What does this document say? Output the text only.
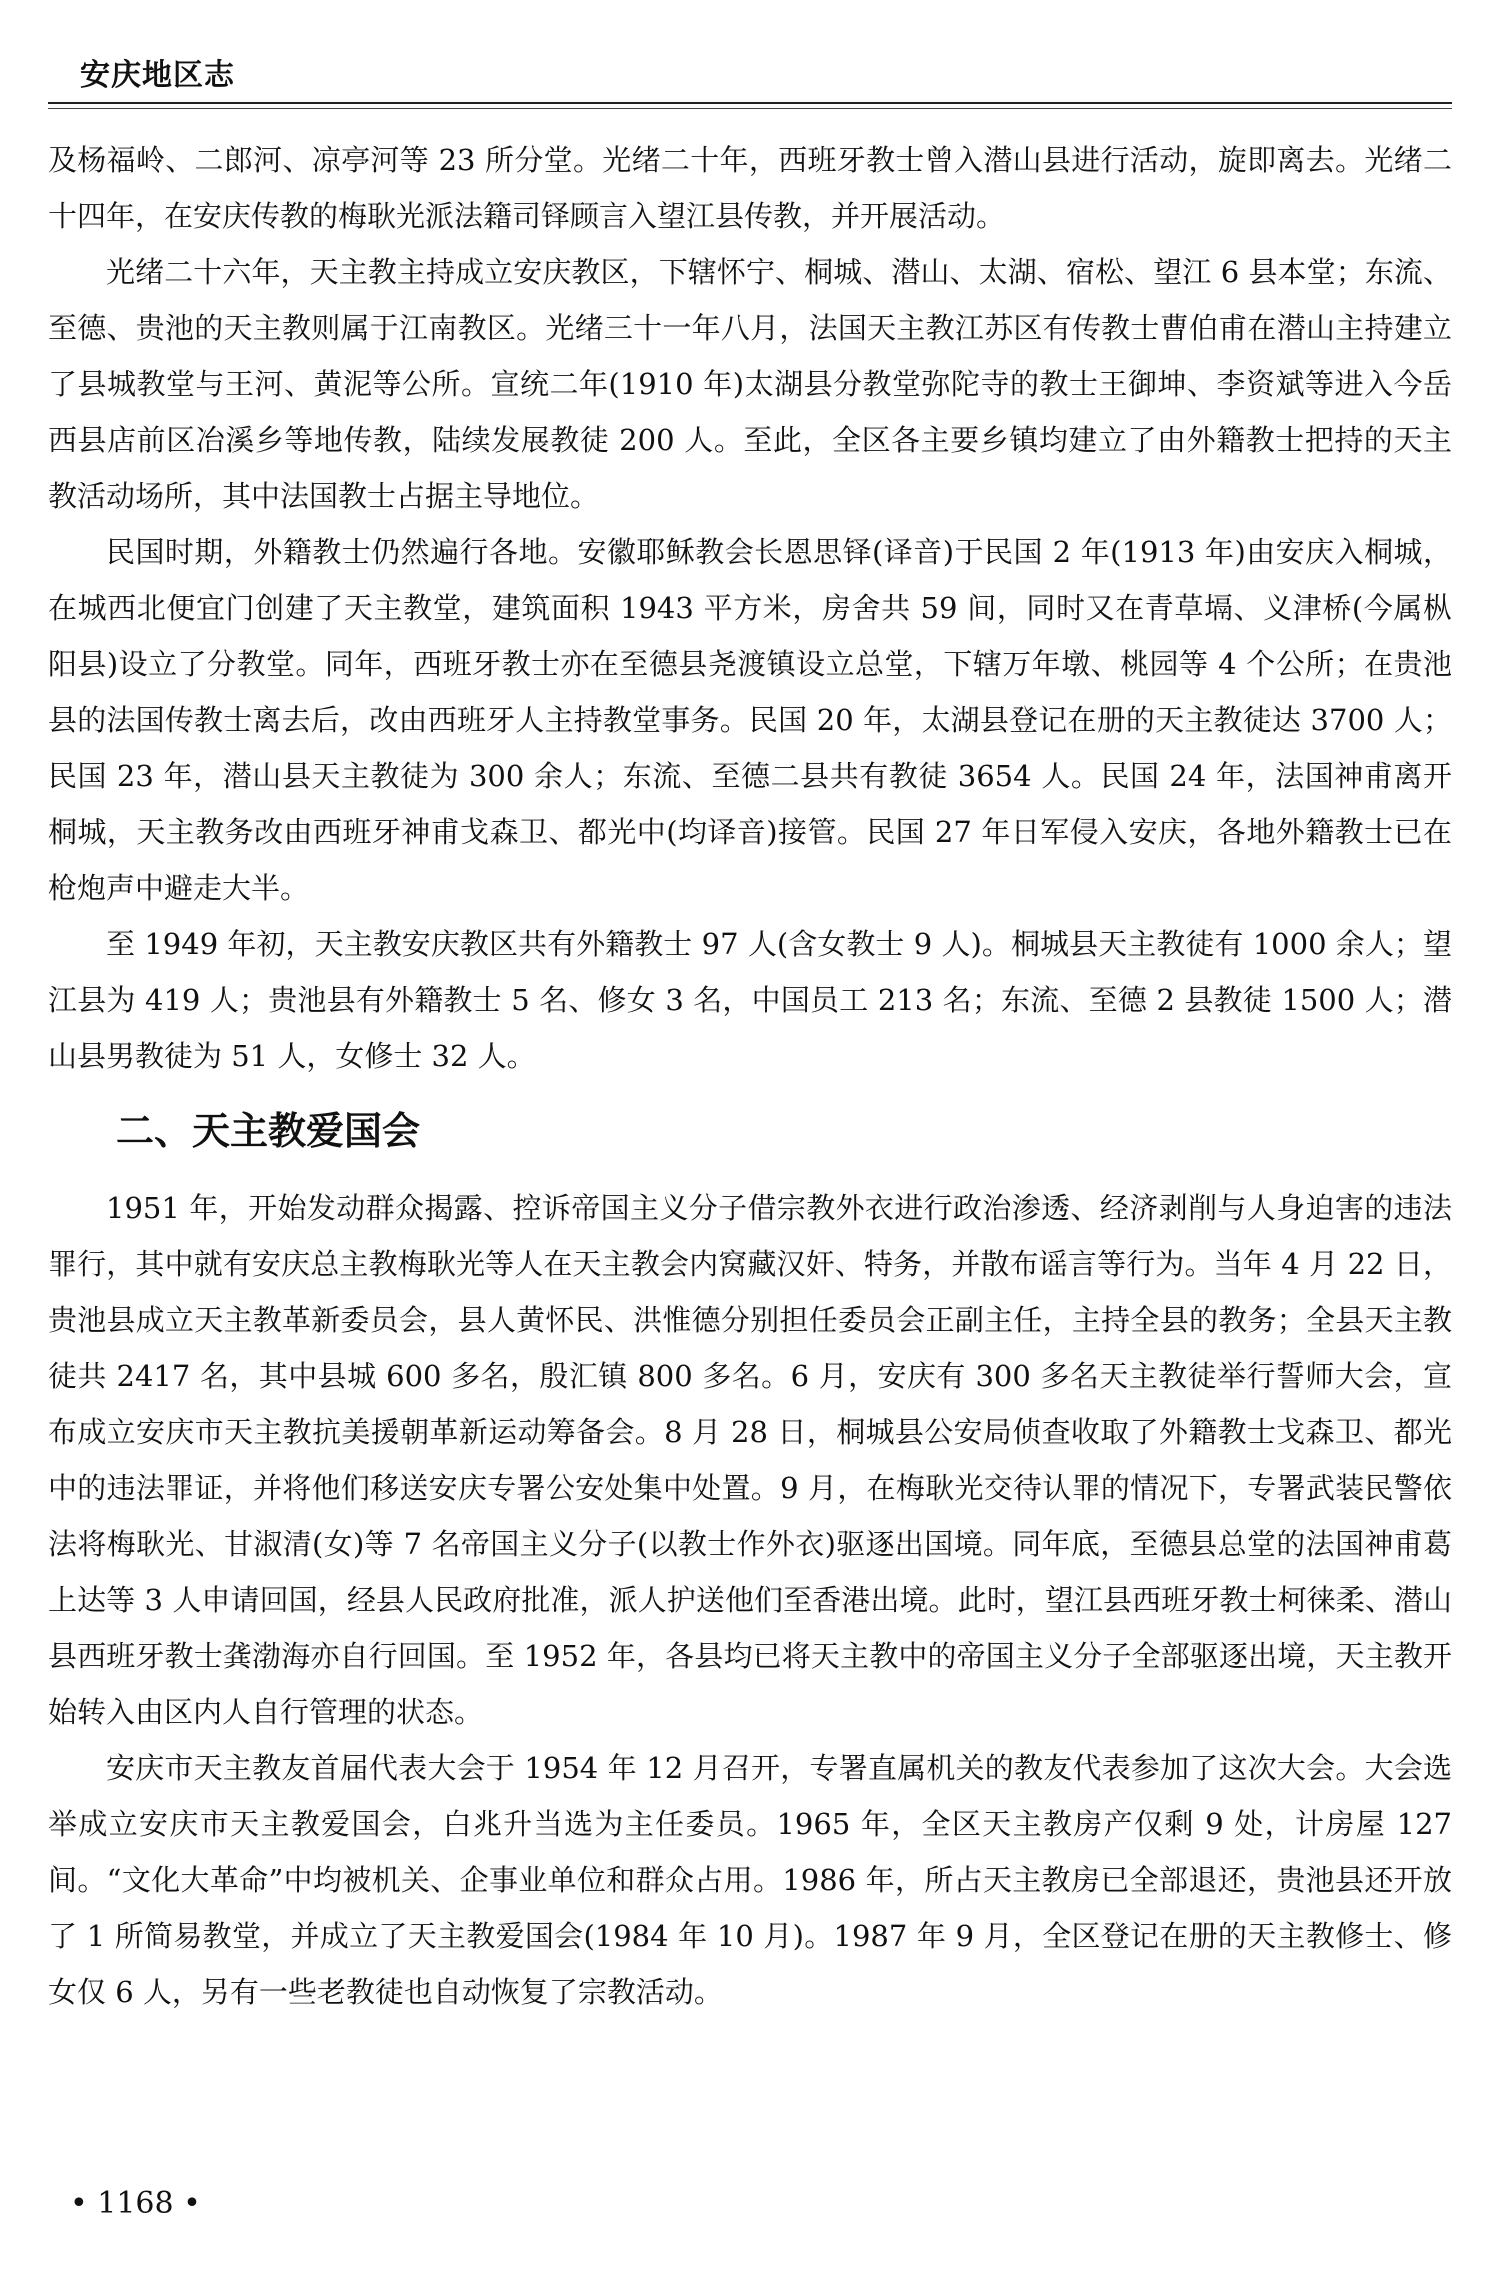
安庆地区志

及杨福岭、二郎河、凉亭河等 23 所分堂。光绪二十年，西班牙教士曾入潜山县进行活动，旋即离去。光绪二十四年，在安庆传教的梅耿光派法籍司铎顾言入望江县传教，并开展活动。

光绪二十六年，天主教主持成立安庆教区，下辖怀宁、桐城、潜山、太湖、宿松、望江 6 县本堂；东流、至德、贵池的天主教则属于江南教区。光绪三十一年八月，法国天主教江苏区有传教士曹伯甫在潜山主持建立了县城教堂与王河、黄泥等公所。宣统二年(1910 年)太湖县分教堂弥陀寺的教士王御坤、李资斌等进入今岳西县店前区冶溪乡等地传教，陆续发展教徒 200 人。至此，全区各主要乡镇均建立了由外籍教士把持的天主教活动场所，其中法国教士占据主导地位。

民国时期，外籍教士仍然遍行各地。安徽耶稣教会长恩思铎(译音)于民国 2 年(1913 年)由安庆入桐城，在城西北便宜门创建了天主教堂，建筑面积 1943 平方米，房舍共 59 间，同时又在青草塥、义津桥(今属枞阳县)设立了分教堂。同年，西班牙教士亦在至德县尧渡镇设立总堂，下辖万年墩、桃园等 4 个公所；在贵池县的法国传教士离去后，改由西班牙人主持教堂事务。民国 20 年，太湖县登记在册的天主教徒达 3700 人；民国 23 年，潜山县天主教徒为 300 余人；东流、至德二县共有教徒 3654 人。民国 24 年，法国神甫离开桐城，天主教务改由西班牙神甫戈森卫、都光中(均译音)接管。民国 27 年日军侵入安庆，各地外籍教士已在枪炮声中避走大半。

至 1949 年初，天主教安庆教区共有外籍教士 97 人(含女教士 9 人)。桐城县天主教徒有 1000 余人；望江县为 419 人；贵池县有外籍教士 5 名、修女 3 名，中国员工 213 名；东流、至德 2 县教徒 1500 人；潜山县男教徒为 51 人，女修士 32 人。

二、天主教爱国会

1951 年，开始发动群众揭露、控诉帝国主义分子借宗教外衣进行政治渗透、经济剥削与人身迫害的违法罪行，其中就有安庆总主教梅耿光等人在天主教会内窝藏汉奸、特务，并散布谣言等行为。当年 4 月 22 日，贵池县成立天主教革新委员会，县人黄怀民、洪惟德分别担任委员会正副主任，主持全县的教务；全县天主教徒共 2417 名，其中县城 600 多名，殷汇镇 800 多名。6 月，安庆有 300 多名天主教徒举行誓师大会，宣布成立安庆市天主教抗美援朝革新运动筹备会。8 月 28 日，桐城县公安局侦查收取了外籍教士戈森卫、都光中的违法罪证，并将他们移送安庆专署公安处集中处置。9 月，在梅耿光交待认罪的情况下，专署武装民警依法将梅耿光、甘淑清(女)等 7 名帝国主义分子(以教士作外衣)驱逐出国境。同年底，至德县总堂的法国神甫葛上达等 3 人申请回国，经县人民政府批准，派人护送他们至香港出境。此时，望江县西班牙教士柯徕柔、潜山县西班牙教士龚渤海亦自行回国。至 1952 年，各县均已将天主教中的帝国主义分子全部驱逐出境，天主教开始转入由区内人自行管理的状态。

安庆市天主教友首届代表大会于 1954 年 12 月召开，专署直属机关的教友代表参加了这次大会。大会选举成立安庆市天主教爱国会，白兆升当选为主任委员。1965 年，全区天主教房产仅剩 9 处，计房屋 127 间。“文化大革命”中均被机关、企事业单位和群众占用。1986 年，所占天主教房已全部退还，贵池县还开放了 1 所简易教堂，并成立了天主教爱国会(1984 年 10 月)。1987 年 9 月，全区登记在册的天主教修士、修女仅 6 人，另有一些老教徒也自动恢复了宗教活动。

• 1168 •
